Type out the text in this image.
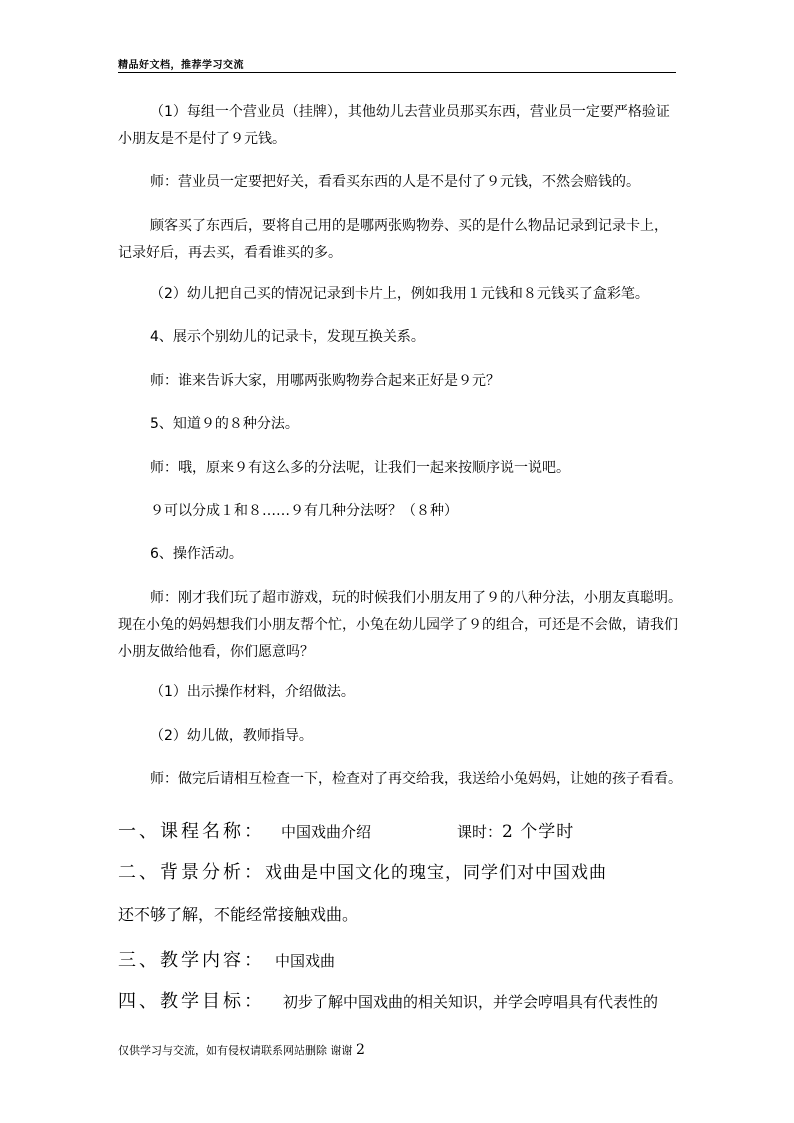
精品好文档，推荐学习交流
（1）每组一个营业员（挂牌），其他幼儿去营业员那买东西，营业员一定要严格验证
小朋友是不是付了９元钱。
师：营业员一定要把好关，看看买东西的人是不是付了９元钱，不然会赔钱的。
顾客买了东西后，要将自己用的是哪两张购物券、买的是什么物品记录到记录卡上，
记录好后，再去买，看看谁买的多。
（2）幼儿把自己买的情况记录到卡片上，例如我用１元钱和８元钱买了盒彩笔。
4、展示个别幼儿的记录卡，发现互换关系。
师：谁来告诉大家，用哪两张购物券合起来正好是９元？
5、知道９的８种分法。
师：哦，原来９有这么多的分法呢，让我们一起来按顺序说一说吧。
９可以分成１和８……９有几种分法呀？（８种）
6、操作活动。
师：刚才我们玩了超市游戏，玩的时候我们小朋友用了９的八种分法，小朋友真聪明。
现在小兔的妈妈想我们小朋友帮个忙，小兔在幼儿园学了９的组合，可还是不会做，请我们
小朋友做给他看，你们愿意吗？
（1）出示操作材料，介绍做法。
（2）幼儿做，教师指导。
师：做完后请相互检查一下，检查对了再交给我，我送给小兔妈妈，让她的孩子看看。
一、课程名称： 中国戏曲介绍	课时：2 个学时
二、背景分析：戏曲是中国文化的瑰宝，同学们对中国戏曲
还不够了解，不能经常接触戏曲。
三、教学内容： 中国戏曲
四、教学目标： 初步了解中国戏曲的相关知识，并学会哼唱具有代表性的
仅供学习与交流，如有侵权请联系网站删除 谢谢 2
